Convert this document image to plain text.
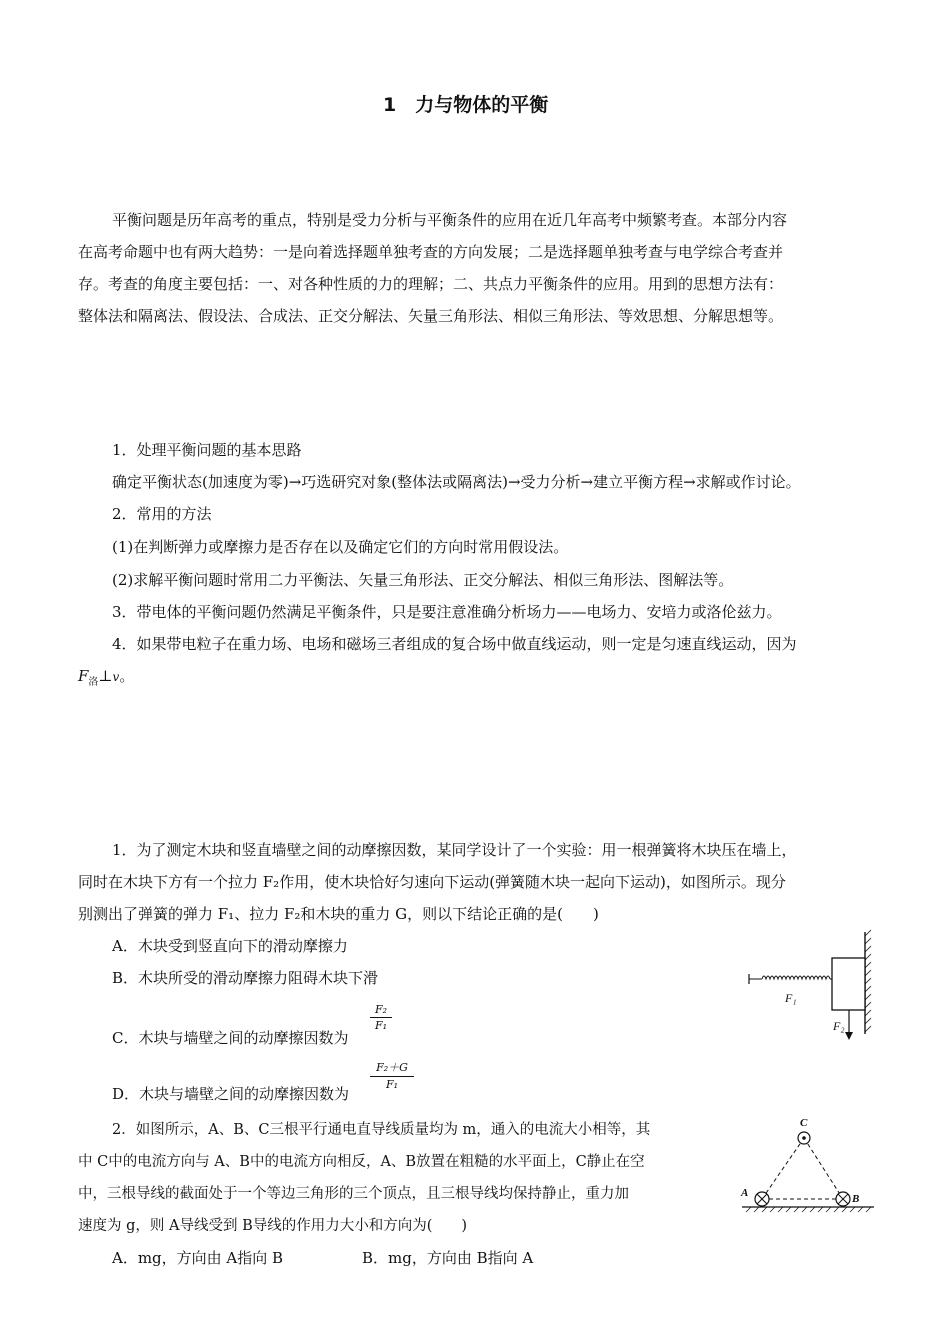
1　力与物体的平衡
平衡问题是历年高考的重点，特别是受力分析与平衡条件的应用在近几年高考中频繁考查。本部分内容
在高考命题中也有两大趋势：一是向着选择题单独考查的方向发展；二是选择题单独考查与电学综合考查并
存。考查的角度主要包括：一、对各种性质的力的理解；二、共点力平衡条件的应用。用到的思想方法有：
整体法和隔离法、假设法、合成法、正交分解法、矢量三角形法、相似三角形法、等效思想、分解思想等。
1．处理平衡问题的基本思路
确定平衡状态(加速度为零)→巧选研究对象(整体法或隔离法)→受力分析→建立平衡方程→求解或作讨论。
2．常用的方法
(1)在判断弹力或摩擦力是否存在以及确定它们的方向时常用假设法。
(2)求解平衡问题时常用二力平衡法、矢量三角形法、正交分解法、相似三角形法、图解法等。
3．带电体的平衡问题仍然满足平衡条件，只是要注意准确分析场力——电场力、安培力或洛伦兹力。
4．如果带电粒子在重力场、电场和磁场三者组成的复合场中做直线运动，则一定是匀速直线运动，因为
$F_洛\perp v$。
1．为了测定木块和竖直墙壁之间的动摩擦因数，某同学设计了一个实验：用一根弹簧将木块压在墙上，
同时在木块下方有一个拉力 F₂作用，使木块恰好匀速向下运动(弹簧随木块一起向下运动)，如图所示。现分
别测出了弹簧的弹力 F₁、拉力 F₂和木块的重力 G，则以下结论正确的是(　　)
A．木块受到竖直向下的滑动摩擦力
B．木块所受的滑动摩擦力阻碍木块下滑
C．木块与墙壁之间的动摩擦因数为
F₂
F₁
D．木块与墙壁之间的动摩擦因数为
F₂＋G
F₁
F₁
F₂
2．如图所示，A、B、C三根平行通电直导线质量均为 m，通入的电流大小相等，其
中 C中的电流方向与 A、B中的电流方向相反，A、B放置在粗糙的水平面上，C静止在空
中，三根导线的截面处于一个等边三角形的三个顶点，且三根导线均保持静止，重力加
速度为 g，则 A导线受到 B导线的作用力大小和方向为(　　)
A．mg，方向由 A指向 B	B．mg，方向由 B指向 A
C
A	B
